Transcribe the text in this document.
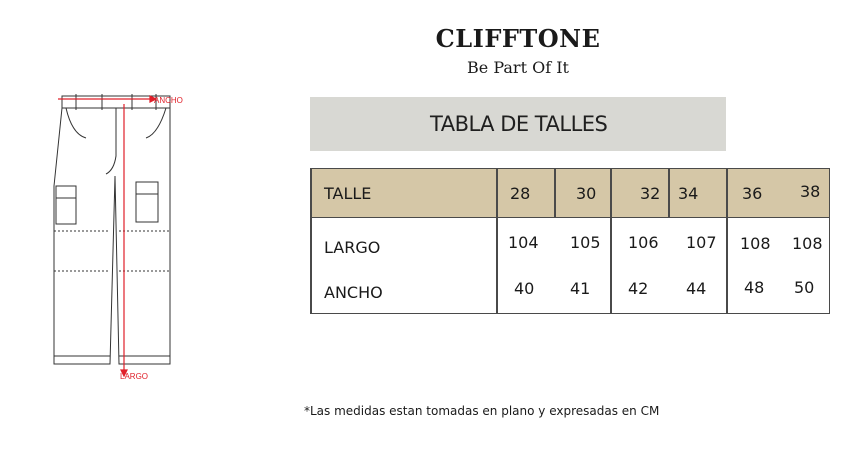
CLIFFTONE
Be Part Of It
TABLA DE TALLES
ANCHO
LARGO
TALLE	28	30	32 34	36 38
LARGO	104 105 106 107 108 108
ANCHO	40 41 42 44 48 50
*Las medidas estan tomadas en plano y expresadas en CM
